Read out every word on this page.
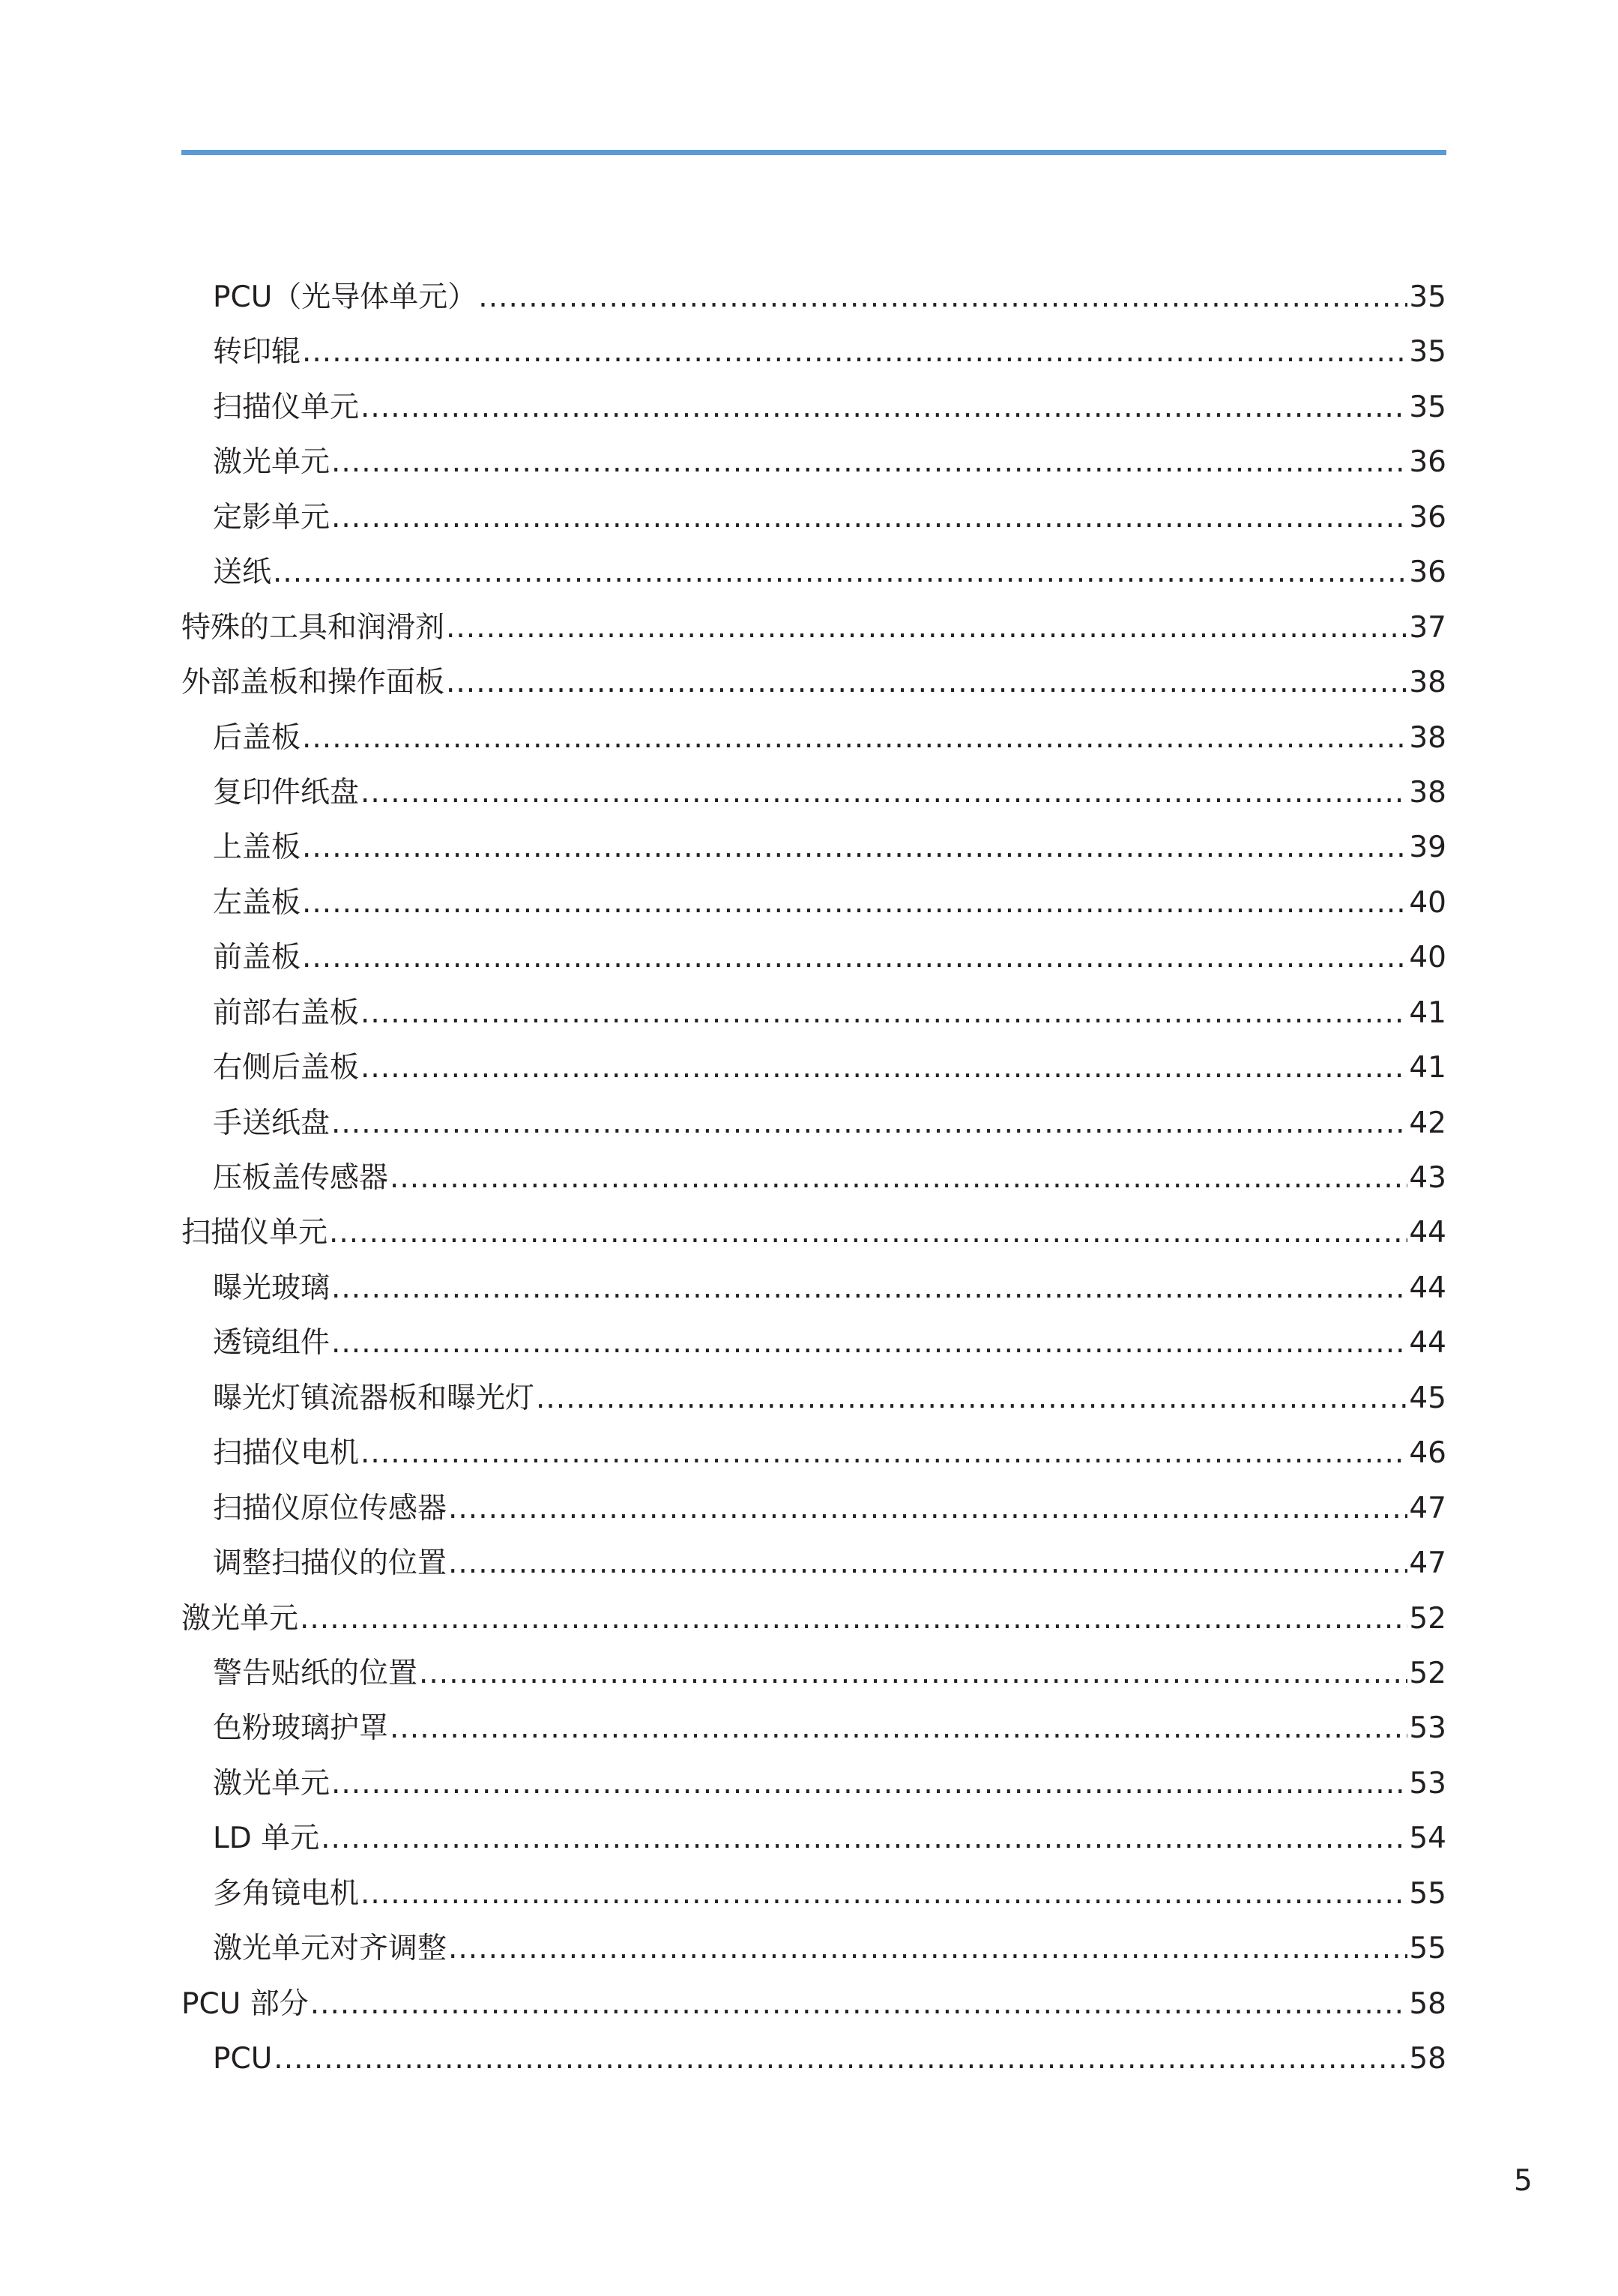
PCU（光导体单元） .....	35
转印辊 .....	35
扫描仪单元 .....	35
激光单元 .....	36
定影单元 .....	36
送纸 .....	36
特殊的工具和润滑剂 .....	37
外部盖板和操作面板 .....	38
后盖板 .....	38
复印件纸盘 .....	38
上盖板 .....	39
左盖板 .....	40
前盖板 .....	40
前部右盖板 .....	41
右侧后盖板 .....	41
手送纸盘 .....	42
压板盖传感器 .....	43
扫描仪单元 .....	44
曝光玻璃 .....	44
透镜组件 .....	44
曝光灯镇流器板和曝光灯 .....	45
扫描仪电机 .....	46
扫描仪原位传感器 .....	47
调整扫描仪的位置 .....	47
激光单元 .....	52
警告贴纸的位置 .....	52
色粉玻璃护罩 .....	53
激光单元 .....	53
LD 单元 .....	54
多角镜电机 .....	55
激光单元对齐调整 .....	55
PCU 部分 .....	58
PCU .....	58
5
